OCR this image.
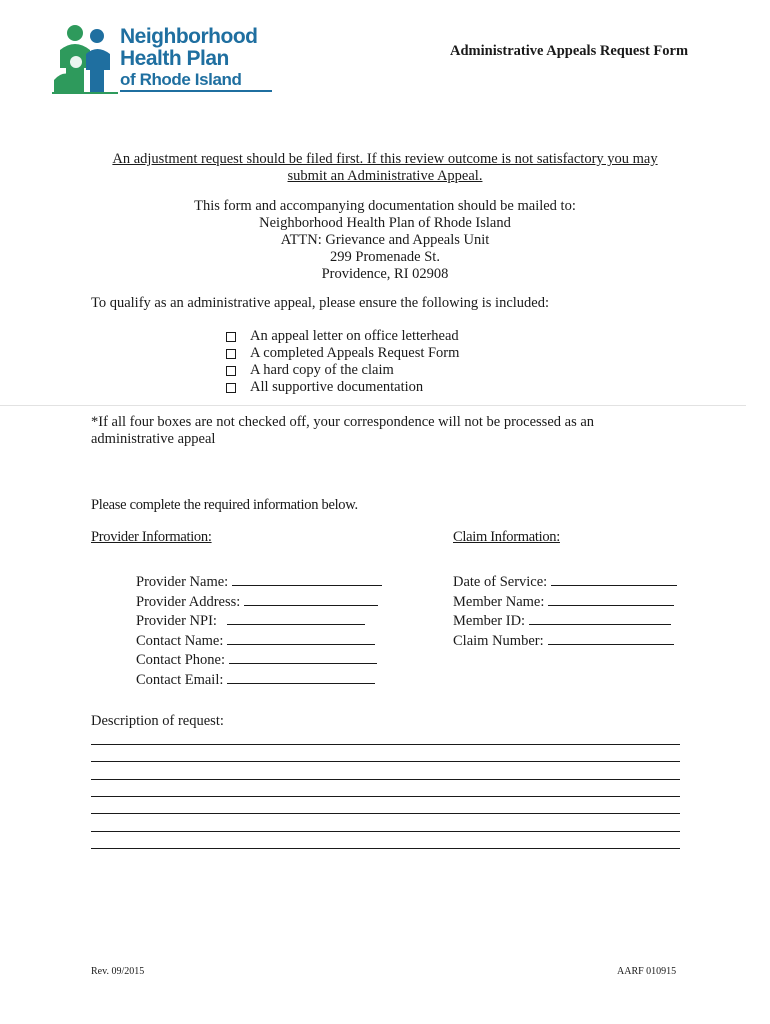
Neighborhood
Health Plan
of Rhode Island
Administrative Appeals Request Form
An adjustment request should be filed first. If this review outcome is not satisfactory you may
submit an Administrative Appeal.
This form and accompanying documentation should be mailed to:
Neighborhood Health Plan of Rhode Island
ATTN: Grievance and Appeals Unit
299 Promenade St.
Providence, RI 02908
To qualify as an administrative appeal, please ensure the following is included:
An appeal letter on office letterhead
A completed Appeals Request Form
A hard copy of the claim
All supportive documentation
*If all four boxes are not checked off, your correspondence will not be processed as an administrative appeal
Please complete the required information below.
Provider Information:	Claim Information:
Provider Name:
Provider Address:
Provider NPI:
Contact Name:
Contact Phone:
Contact Email:
Date of Service:
Member Name:
Member ID:
Claim Number:
Description of request:
Rev. 09/2015	AARF 010915
